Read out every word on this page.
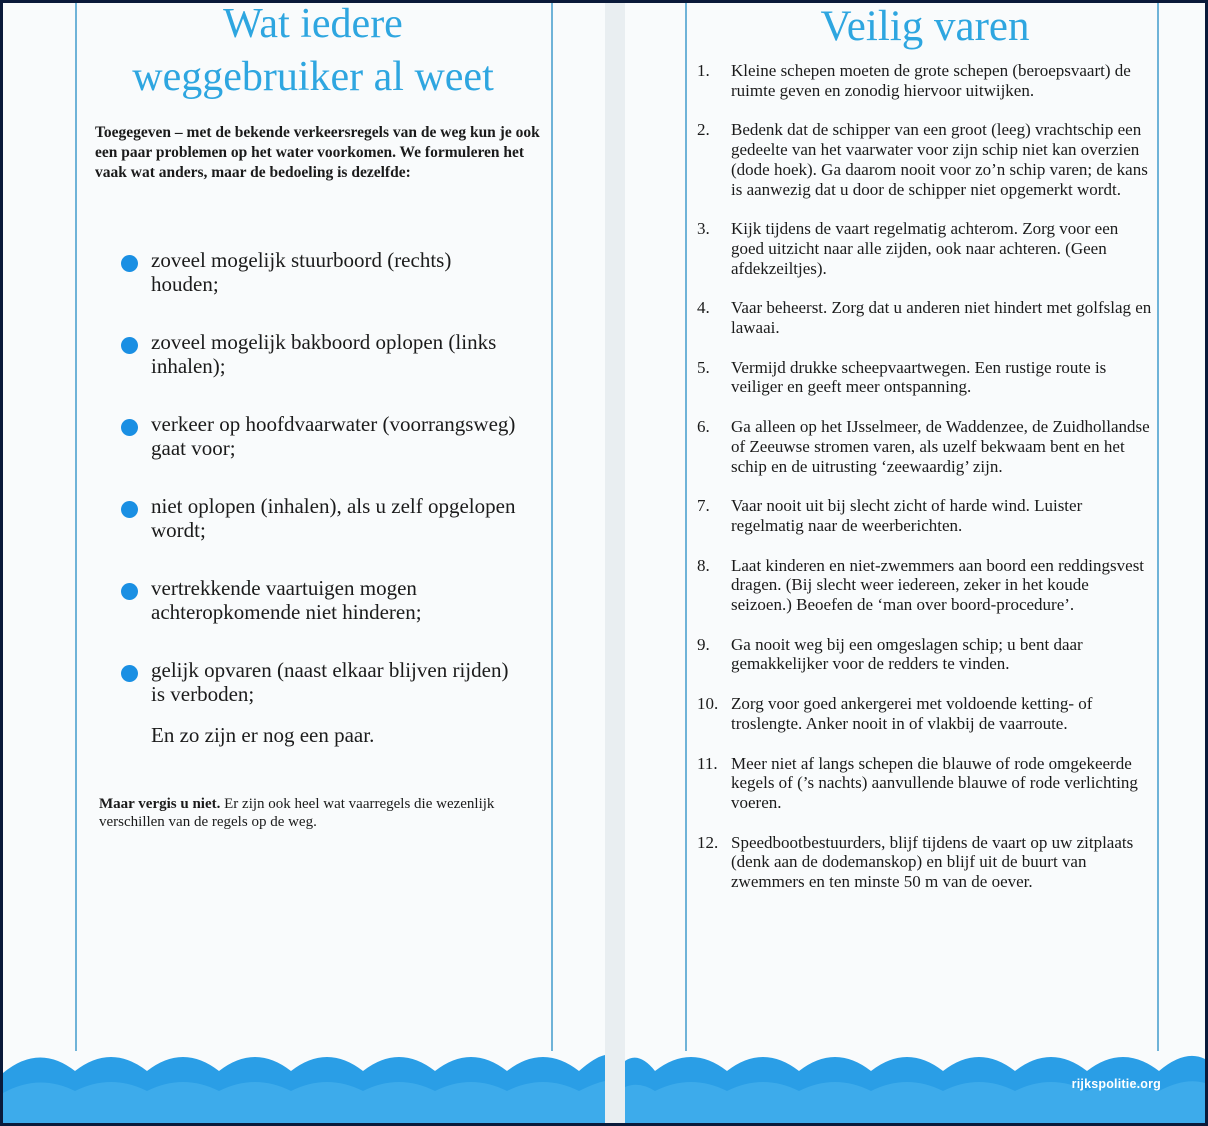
Wat iedere
weggebruiker al weet

Toegegeven – met de bekende verkeersregels van de weg kun je ook een paar problemen op het water voorkomen. We formuleren het vaak wat anders, maar de bedoeling is dezelfde:

zoveel mogelijk stuurboord (rechts) houden;
zoveel mogelijk bakboord oplopen (links inhalen);
verkeer op hoofdvaarwater (voorrangsweg) gaat voor;
niet oplopen (inhalen), als u zelf opgelopen wordt;
vertrekkende vaartuigen mogen achteropkomende niet hinderen;
gelijk opvaren (naast elkaar blijven rijden) is verboden;

En zo zijn er nog een paar.

Maar vergis u niet. Er zijn ook heel wat vaarregels die wezenlijk verschillen van de regels op de weg.

Veilig varen
1. Kleine schepen moeten de grote schepen (beroepsvaart) de ruimte geven en zonodig hiervoor uitwijken.
2. Bedenk dat de schipper van een groot (leeg) vrachtschip een gedeelte van het vaarwater voor zijn schip niet kan overzien (dode hoek). Ga daarom nooit voor zo’n schip varen; de kans is aanwezig dat u door de schipper niet opgemerkt wordt.
3. Kijk tijdens de vaart regelmatig achterom. Zorg voor een goed uitzicht naar alle zijden, ook naar achteren. (Geen afdekzeiltjes).
4. Vaar beheerst. Zorg dat u anderen niet hindert met golfslag en lawaai.
5. Vermijd drukke scheepvaartwegen. Een rustige route is veiliger en geeft meer ontspanning.
6. Ga alleen op het IJsselmeer, de Waddenzee, de Zuidhollandse of Zeeuwse stromen varen, als uzelf bekwaam bent en het schip en de uitrusting ‘zeewaardig’ zijn.
7. Vaar nooit uit bij slecht zicht of harde wind. Luister regelmatig naar de weerberichten.
8. Laat kinderen en niet-zwemmers aan boord een reddingsvest dragen. (Bij slecht weer iedereen, zeker in het koude seizoen.) Beoefen de ‘man over boord-procedure’.
9. Ga nooit weg bij een omgeslagen schip; u bent daar gemakkelijker voor de redders te vinden.
10. Zorg voor goed ankergerei met voldoende ketting- of troslengte. Anker nooit in of vlakbij de vaarroute.
11. Meer niet af langs schepen die blauwe of rode omgekeerde kegels of (’s nachts) aanvullende blauwe of rode verlichting voeren.
12. Speedbootbestuurders, blijf tijdens de vaart op uw zitplaats (denk aan de dodemanskop) en blijf uit de buurt van zwemmers en ten minste 50 m van de oever.
rijkspolitie.org
